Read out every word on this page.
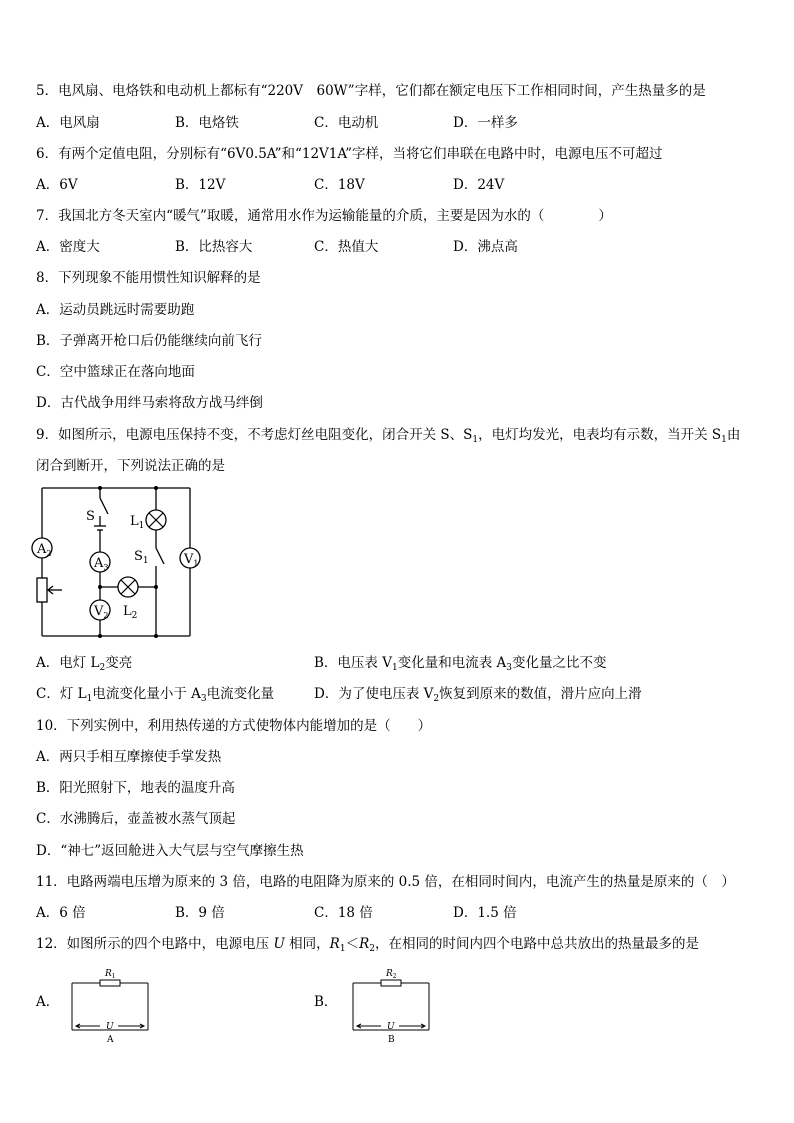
5．电风扇、电烙铁和电动机上都标有“220V　60W”字样，它们都在额定电压下工作相同时间，产生热量多的是
A．电风扇	B．电烙铁	C．电动机	D．一样多
6．有两个定值电阻，分别标有“6V0.5A”和“12V1A”字样，当将它们串联在电路中时，电源电压不可超过
A．6V	B．12V	C．18V	D．24V
7．我国北方冬天室内“暖气”取暖，通常用水作为运输能量的介质，主要是因为水的（　　　　）
A．密度大	B．比热容大	C．热值大	D．沸点高
8．下列现象不能用惯性知识解释的是
A．运动员跳远时需要助跑
B．子弹离开枪口后仍能继续向前飞行
C．空中篮球正在落向地面
D．古代战争用绊马索将敌方战马绊倒
9．如图所示，电源电压保持不变，不考虑灯丝电阻变化，闭合开关 S、$S_1$，电灯均发光，电表均有示数，当开关 $S_1$由
闭合到断开，下列说法正确的是
$A_2$
$A_3$
$V_2$
$V_1$
S	$L_1$
$S_1$
$L_2$
A．电灯 $L_2$变亮	B．电压表 $V_1$变化量和电流表 $A_3$变化量之比不变
C．灯 $L_1$电流变化量小于 $A_3$电流变化量	D．为了使电压表 $V_2$恢复到原来的数值，滑片应向上滑
10．下列实例中，利用热传递的方式使物体内能增加的是（　　）
A．两只手相互摩擦使手掌发热
B．阳光照射下，地表的温度升高
C．水沸腾后，壶盖被水蒸气顶起
D．“神七”返回舱进入大气层与空气摩擦生热
11．电路两端电压增为原来的 3 倍，电路的电阻降为原来的 0.5 倍，在相同时间内，电流产生的热量是原来的（　）
A．6 倍	B．9 倍	C．18 倍	D．1.5 倍
12．如图所示的四个电路中，电源电压 U 相同，$R_1<R_2$，在相同的时间内四个电路中总共放出的热量最多的是
A．
$R_1$
U
A
B．
$R_2$
U
B
